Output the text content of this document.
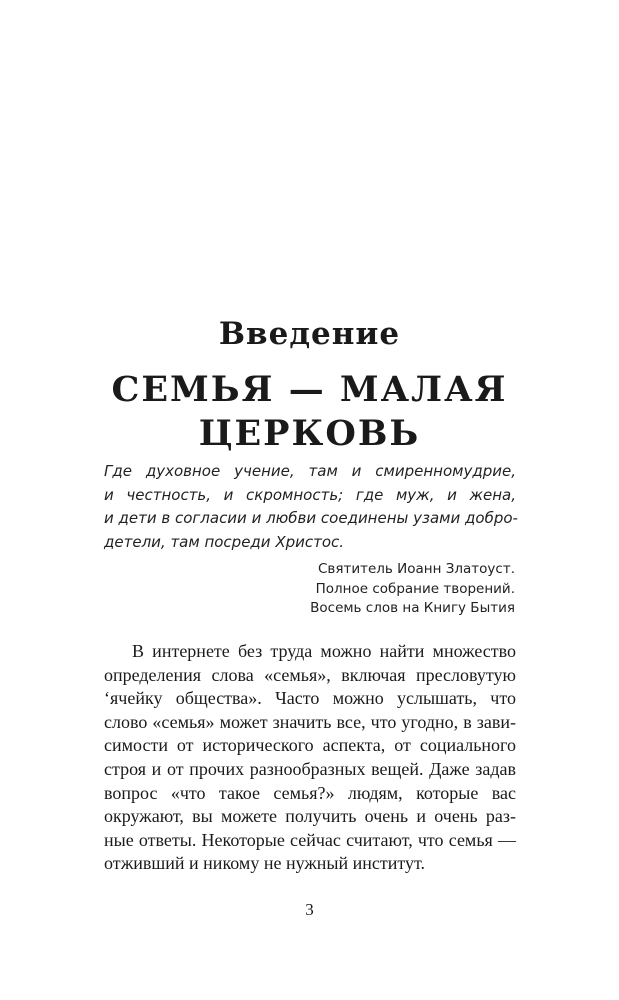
Введение
СЕМЬЯ — МАЛАЯ
ЦЕРКОВЬ
Где духовное учение, там и смиренномудрие,
и честность, и скромность; где муж, и жена,
и дети в согласии и любви соединены узами добро-
детели, там посреди Христос.
Святитель Иоанн Златоуст.
Полное собрание творений.
Восемь слов на Книгу Бытия
В интернете без труда можно найти множество
определения слова «семья», включая пресловутую
‘ячейку общества». Часто можно услышать, что
слово «семья» может значить все, что угодно, в зави-
симости от исторического аспекта, от социального
строя и от прочих разнообразных вещей. Даже задав
вопрос «что такое семья?» людям, которые вас
окружают, вы можете получить очень и очень раз-
ные ответы. Некоторые сейчас считают, что семья —
отживший и никому не нужный институт.
3
